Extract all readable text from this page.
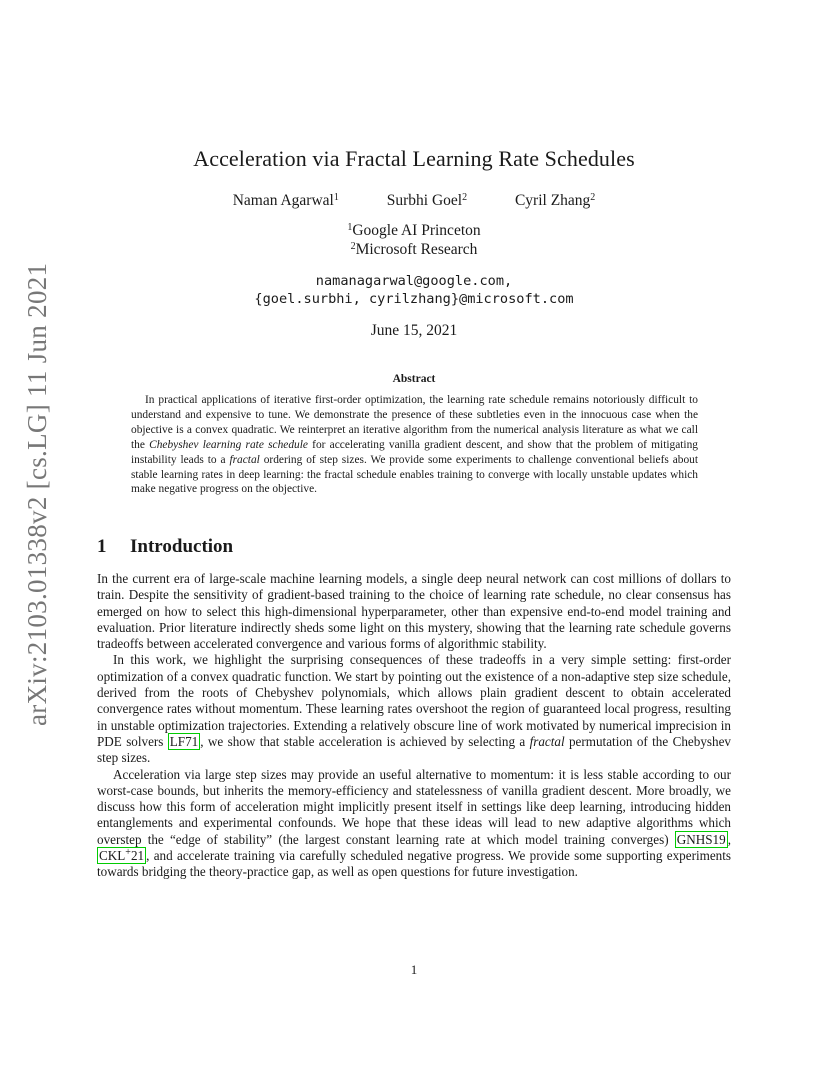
arXiv:2103.01338v2 [cs.LG] 11 Jun 2021
Acceleration via Fractal Learning Rate Schedules
Naman Agarwal$^1$	Surbhi Goel$^2$	Cyril Zhang$^2$
$^1$Google AI Princeton
$^2$Microsoft Research
namanagarwal@google.com,
{goel.surbhi, cyrilzhang}@microsoft.com
June 15, 2021
Abstract

In practical applications of iterative first-order optimization, the learning rate schedule remains notoriously difficult to understand and expensive to tune. We demonstrate the presence of these subtleties even in the innocuous case when the objective is a convex quadratic. We reinterpret an iterative algorithm from the numerical analysis literature as what we call the Chebyshev learning rate schedule for accelerating vanilla gradient descent, and show that the problem of mitigating instability leads to a fractal ordering of step sizes. We provide some experiments to challenge conventional beliefs about stable learning rates in deep learning: the fractal schedule enables training to converge with locally unstable updates which make negative progress on the objective.

1 Introduction

In the current era of large-scale machine learning models, a single deep neural network can cost millions of dollars to train. Despite the sensitivity of gradient-based training to the choice of learning rate schedule, no clear consensus has emerged on how to select this high-dimensional hyperparameter, other than expensive end-to-end model training and evaluation. Prior literature indirectly sheds some light on this mystery, showing that the learning rate schedule governs tradeoffs between accelerated convergence and various forms of algorithmic stability.

In this work, we highlight the surprising consequences of these tradeoffs in a very simple setting: first-order optimization of a convex quadratic function. We start by pointing out the existence of a non-adaptive step size schedule, derived from the roots of Chebyshev polynomials, which allows plain gradient descent to obtain accelerated convergence rates without momentum. These learning rates overshoot the region of guaranteed local progress, resulting in unstable optimization trajectories. Extending a relatively obscure line of work motivated by numerical imprecision in PDE solvers LF71 , we show that stable acceleration is achieved by selecting a fractal permutation of the Chebyshev step sizes.

Acceleration via large step sizes may provide an useful alternative to momentum: it is less stable according to our worst-case bounds, but inherits the memory-efficiency and statelessness of vanilla gradient descent. More broadly, we discuss how this form of acceleration might implicitly present itself in settings like deep learning, introducing hidden entanglements and experimental confounds. We hope that these ideas will lead to new adaptive algorithms which overstep the “edge of stability” (the largest constant learning rate at which model training converges) GNHS19 , CKL+21 , and accelerate training via carefully scheduled negative progress. We provide some supporting experiments towards bridging the theory-practice gap, as well as open questions for future investigation.

1
